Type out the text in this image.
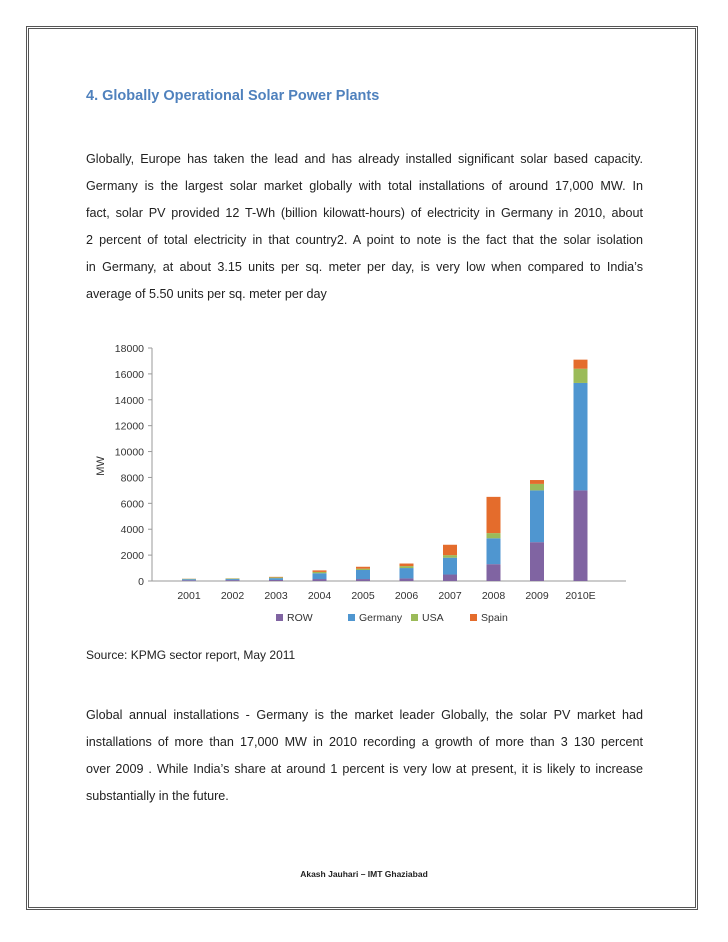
4. Globally Operational Solar Power Plants
Globally, Europe has taken the lead and has already installed significant solar based capacity.
Germany is the largest solar market globally with total installations of around 17,000 MW. In
fact, solar PV provided 12 T-Wh (billion kilowatt-hours) of electricity in Germany in 2010, about
2 percent of total electricity in that country2. A point to note is the fact that the solar isolation
in Germany, at about 3.15 units per sq. meter per day, is very low when compared to India’s
average of 5.50 units per sq. meter per day
0
2000
4000
6000
8000
10000
12000
14000
16000
18000
MW
2001 2002 2003 2004 2005 2006 2007 2008 2009 2010E
ROW	Germany USA	Spain
Source: KPMG sector report, May 2011
Global annual installations - Germany is the market leader Globally, the solar PV market had
installations of more than 17,000 MW in 2010 recording a growth of more than 3 130 percent
over 2009 . While India’s share at around 1 percent is very low at present, it is likely to increase
substantially in the future.
Akash Jauhari – IMT Ghaziabad
